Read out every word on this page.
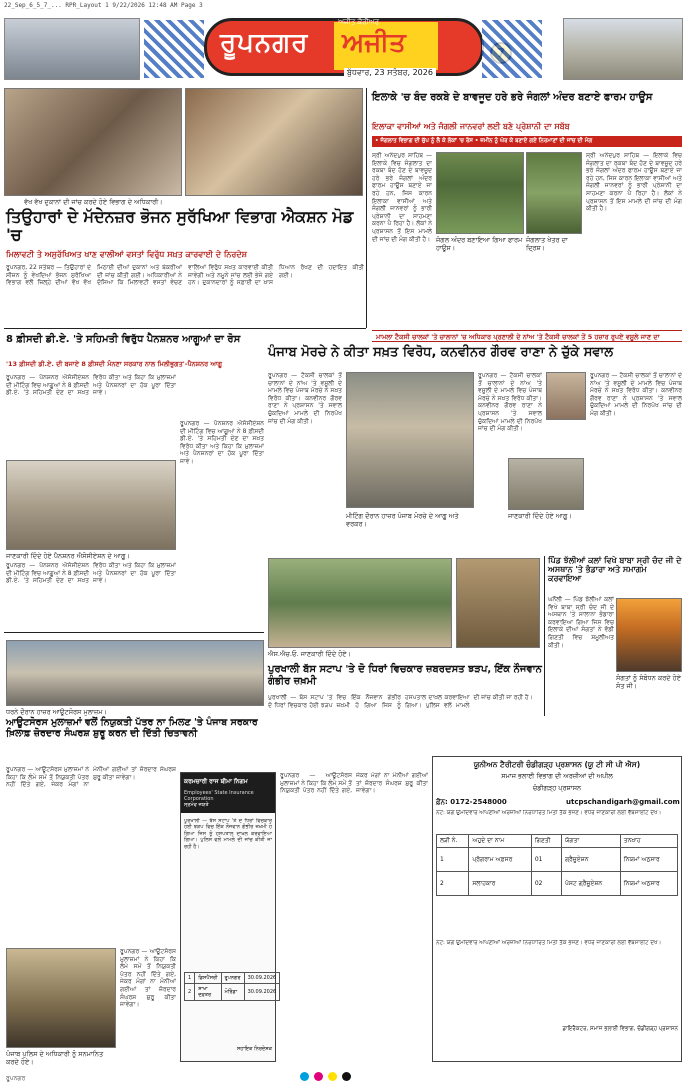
22_Sep_6_5_7_... RPR_Layout 1 9/22/2026 12:48 AM Page 3
ਰੂਪਨਗਰ
ਅਜੀਤ ਕੈਰੀਅਰ
ਅਜੀਤ
ਬੁੱਧਵਾਰ, 23 ਸਤੰਬਰ, 2026
ਵੱਖ ਵੱਖ ਦੁਕਾਨਾਂ ਦੀ ਜਾਂਚ ਕਰਦੇ ਹੋਏ ਵਿਭਾਗ ਦੇ ਅਧਿਕਾਰੀ।
ਤਿਉਹਾਰਾਂ ਦੇ ਮੱਦੇਨਜ਼ਰ ਭੋਜਨ ਸੁਰੱਖਿਆ ਵਿਭਾਗ ਐਕਸ਼ਨ ਮੋਡ 'ਚ
ਮਿਲਾਵਟੀ ਤੇ ਅਸੁਰੱਖਿਅਤ ਖਾਣ ਵਾਲੀਆਂ ਵਸਤਾਂ ਵਿਰੁੱਧ ਸਖ਼ਤ ਕਾਰਵਾਈ ਦੇ ਨਿਰਦੇਸ਼
ਰੂਪਨਗਰ, 22 ਸਤੰਬਰ — ਤਿਉਹਾਰਾਂ ਦੇ ਸੀਜ਼ਨ ਨੂੰ ਵੇਖਦਿਆਂ ਭੋਜਨ ਸੁਰੱਖਿਆ ਵਿਭਾਗ ਵਲੋਂ ਜ਼ਿਲ੍ਹੇ ਦੀਆਂ ਵੱਖ ਵੱਖ ਮਿਠਾਈ ਦੀਆਂ ਦੁਕਾਨਾਂ ਅਤੇ ਬੇਕਰੀਆਂ ਦੀ ਜਾਂਚ ਕੀਤੀ ਗਈ। ਅਧਿਕਾਰੀਆਂ ਨੇ ਦੱਸਿਆ ਕਿ ਮਿਲਾਵਟੀ ਵਸਤਾਂ ਵੇਚਣ ਵਾਲਿਆਂ ਵਿਰੁੱਧ ਸਖ਼ਤ ਕਾਰਵਾਈ ਕੀਤੀ ਜਾਵੇਗੀ ਅਤੇ ਨਮੂਨੇ ਜਾਂਚ ਲਈ ਭੇਜੇ ਗਏ ਹਨ। ਦੁਕਾਨਦਾਰਾਂ ਨੂੰ ਸਫ਼ਾਈ ਦਾ ਖ਼ਾਸ ਧਿਆਨ ਰੱਖਣ ਦੀ ਹਦਾਇਤ ਕੀਤੀ ਗਈ।
ਇਲਾਕੇ 'ਚ ਬੰਦ ਰਕਬੇ ਦੇ ਬਾਵਜੂਦ ਹਰੇ ਭਰੇ ਜੰਗਲਾਂ ਅੰਦਰ ਬਣਾਏ ਫਾਰਮ ਹਾਊਸ
ਇਲਾਕਾ ਵਾਸੀਆਂ ਅਤੇ ਜੰਗਲੀ ਜਾਨਵਰਾਂ ਲਈ ਬਣੇ ਪ੍ਰੇਸ਼ਾਨੀ ਦਾ ਸਬੱਬ
• ਜੰਗਲਾਤ ਵਿਭਾਗ ਦੀ ਚੁੱਪ ਨੂੰ ਲੈ ਕੇ ਲੋਕਾਂ 'ਚ ਰੋਸ • ਜ਼ਮੀਨ ਨੂੰ ਘੇਰ ਕੇ ਬਣਾਏ ਗਏ ਨਿਰਮਾਣਾਂ ਦੀ ਜਾਂਚ ਦੀ ਮੰਗ
ਸ੍ਰੀ ਅਨੰਦਪੁਰ ਸਾਹਿਬ — ਇਲਾਕੇ ਵਿਚ ਜੰਗਲਾਤ ਦਾ ਰਕਬਾ ਬੰਦ ਹੋਣ ਦੇ ਬਾਵਜੂਦ ਹਰੇ ਭਰੇ ਜੰਗਲਾਂ ਅੰਦਰ ਫਾਰਮ ਹਾਊਸ ਬਣਾਏ ਜਾ ਰਹੇ ਹਨ, ਜਿਸ ਕਾਰਨ ਇਲਾਕਾ ਵਾਸੀਆਂ ਅਤੇ ਜੰਗਲੀ ਜਾਨਵਰਾਂ ਨੂੰ ਭਾਰੀ ਪ੍ਰੇਸ਼ਾਨੀ ਦਾ ਸਾਹਮਣਾ ਕਰਨਾ ਪੈ ਰਿਹਾ ਹੈ। ਲੋਕਾਂ ਨੇ ਪ੍ਰਸ਼ਾਸਨ ਤੋਂ ਇਸ ਮਾਮਲੇ ਦੀ ਜਾਂਚ ਦੀ ਮੰਗ ਕੀਤੀ ਹੈ। ਜੰਗਲ ਅੰਦਰ ਬਣਾਇਆ ਗਿਆ ਫਾਰਮ ਹਾਊਸ।
ਜੰਗਲਾਤ ਖੇਤਰ ਦਾ ਦ੍ਰਿਸ਼।
ਸ੍ਰੀ ਅਨੰਦਪੁਰ ਸਾਹਿਬ — ਇਲਾਕੇ ਵਿਚ ਜੰਗਲਾਤ ਦਾ ਰਕਬਾ ਬੰਦ ਹੋਣ ਦੇ ਬਾਵਜੂਦ ਹਰੇ ਭਰੇ ਜੰਗਲਾਂ ਅੰਦਰ ਫਾਰਮ ਹਾਊਸ ਬਣਾਏ ਜਾ ਰਹੇ ਹਨ, ਜਿਸ ਕਾਰਨ ਇਲਾਕਾ ਵਾਸੀਆਂ ਅਤੇ ਜੰਗਲੀ ਜਾਨਵਰਾਂ ਨੂੰ ਭਾਰੀ ਪ੍ਰੇਸ਼ਾਨੀ ਦਾ ਸਾਹਮਣਾ ਕਰਨਾ ਪੈ ਰਿਹਾ ਹੈ। ਲੋਕਾਂ ਨੇ ਪ੍ਰਸ਼ਾਸਨ ਤੋਂ ਇਸ ਮਾਮਲੇ ਦੀ ਜਾਂਚ ਦੀ ਮੰਗ ਕੀਤੀ ਹੈ।
ਮਾਮਲਾ ਟੈਕਸੀ ਚਾਲਕਾਂ 'ਤੇ ਚਾਲਾਨਾਂ 'ਚ ਅਧਿਕਾਰ ਪ੍ਰਣਾਲੀ ਦੇ ਨਾਂਅ 'ਤੇ ਟੈਕਸੀ ਚਾਲਕਾਂ ਤੋਂ 5 ਹਜ਼ਾਰ ਰੁਪਏ ਵਸੂਲੇ ਜਾਣ ਦਾ
8 ਫ਼ੀਸਦੀ ਡੀ.ਏ. 'ਤੇ ਸਹਿਮਤੀ ਵਿਰੁੱਧ ਪੈਨਸ਼ਨਰ ਆਗੂਆਂ ਦਾ ਰੋਸ
'13 ਫ਼ੀਸਦੀ ਡੀ.ਏ. ਦੀ ਬਜਾਏ 8 ਫ਼ੀਸਦੀ ਮੰਨਣਾ ਸਰਕਾਰ ਨਾਲ ਮਿਲੀਭੁਗਤ'-ਪੈਨਸ਼ਨਰ ਆਗੂ
ਰੂਪਨਗਰ — ਪੈਨਸ਼ਨਰ ਐਸੋਸੀਏਸ਼ਨ ਦੀ ਮੀਟਿੰਗ ਵਿਚ ਆਗੂਆਂ ਨੇ 8 ਫ਼ੀਸਦੀ ਡੀ.ਏ. 'ਤੇ ਸਹਿਮਤੀ ਦੇਣ ਦਾ ਸਖ਼ਤ ਵਿਰੋਧ ਕੀਤਾ ਅਤੇ ਕਿਹਾ ਕਿ ਮੁਲਾਜ਼ਮਾਂ ਅਤੇ ਪੈਨਸ਼ਨਰਾਂ ਦਾ ਹੱਕ ਪੂਰਾ ਦਿੱਤਾ ਜਾਵੇ।
ਜਾਣਕਾਰੀ ਦਿੰਦੇ ਹੋਏ ਪੈਨਸ਼ਨਰ ਐਸੋਸੀਏਸ਼ਨ ਦੇ ਆਗੂ।
ਰੂਪਨਗਰ — ਪੈਨਸ਼ਨਰ ਐਸੋਸੀਏਸ਼ਨ ਦੀ ਮੀਟਿੰਗ ਵਿਚ ਆਗੂਆਂ ਨੇ 8 ਫ਼ੀਸਦੀ ਡੀ.ਏ. 'ਤੇ ਸਹਿਮਤੀ ਦੇਣ ਦਾ ਸਖ਼ਤ ਵਿਰੋਧ ਕੀਤਾ ਅਤੇ ਕਿਹਾ ਕਿ ਮੁਲਾਜ਼ਮਾਂ ਅਤੇ ਪੈਨਸ਼ਨਰਾਂ ਦਾ ਹੱਕ ਪੂਰਾ ਦਿੱਤਾ ਜਾਵੇ।
ਰੂਪਨਗਰ — ਪੈਨਸ਼ਨਰ ਐਸੋਸੀਏਸ਼ਨ ਦੀ ਮੀਟਿੰਗ ਵਿਚ ਆਗੂਆਂ ਨੇ 8 ਫ਼ੀਸਦੀ ਡੀ.ਏ. 'ਤੇ ਸਹਿਮਤੀ ਦੇਣ ਦਾ ਸਖ਼ਤ ਵਿਰੋਧ ਕੀਤਾ ਅਤੇ ਕਿਹਾ ਕਿ ਮੁਲਾਜ਼ਮਾਂ ਅਤੇ ਪੈਨਸ਼ਨਰਾਂ ਦਾ ਹੱਕ ਪੂਰਾ ਦਿੱਤਾ ਜਾਵੇ।
ਪੰਜਾਬ ਮੋਰਚੇ ਨੇ ਕੀਤਾ ਸਖ਼ਤ ਵਿਰੋਧ, ਕਨਵੀਨਰ ਗੌਰਵ ਰਾਣਾ ਨੇ ਚੁੱਕੇ ਸਵਾਲ
ਰੂਪਨਗਰ — ਟੈਕਸੀ ਚਾਲਕਾਂ ਤੋਂ ਚਾਲਾਨਾਂ ਦੇ ਨਾਂਅ 'ਤੇ ਵਸੂਲੀ ਦੇ ਮਾਮਲੇ ਵਿਚ ਪੰਜਾਬ ਮੋਰਚੇ ਨੇ ਸਖ਼ਤ ਵਿਰੋਧ ਕੀਤਾ। ਕਨਵੀਨਰ ਗੌਰਵ ਰਾਣਾ ਨੇ ਪ੍ਰਸ਼ਾਸਨ 'ਤੇ ਸਵਾਲ ਚੁੱਕਦਿਆਂ ਮਾਮਲੇ ਦੀ ਨਿਰਪੱਖ ਜਾਂਚ ਦੀ ਮੰਗ ਕੀਤੀ।
ਮੀਟਿੰਗ ਦੌਰਾਨ ਹਾਜ਼ਰ ਪੰਜਾਬ ਮੋਰਚੇ ਦੇ ਆਗੂ ਅਤੇ ਵਰਕਰ।
ਰੂਪਨਗਰ — ਟੈਕਸੀ ਚਾਲਕਾਂ ਤੋਂ ਚਾਲਾਨਾਂ ਦੇ ਨਾਂਅ 'ਤੇ ਵਸੂਲੀ ਦੇ ਮਾਮਲੇ ਵਿਚ ਪੰਜਾਬ ਮੋਰਚੇ ਨੇ ਸਖ਼ਤ ਵਿਰੋਧ ਕੀਤਾ। ਕਨਵੀਨਰ ਗੌਰਵ ਰਾਣਾ ਨੇ ਪ੍ਰਸ਼ਾਸਨ 'ਤੇ ਸਵਾਲ ਚੁੱਕਦਿਆਂ ਮਾਮਲੇ ਦੀ ਨਿਰਪੱਖ ਜਾਂਚ ਦੀ ਮੰਗ ਕੀਤੀ।
ਜਾਣਕਾਰੀ ਦਿੰਦੇ ਹੋਏ ਆਗੂ।
ਰੂਪਨਗਰ — ਟੈਕਸੀ ਚਾਲਕਾਂ ਤੋਂ ਚਾਲਾਨਾਂ ਦੇ ਨਾਂਅ 'ਤੇ ਵਸੂਲੀ ਦੇ ਮਾਮਲੇ ਵਿਚ ਪੰਜਾਬ ਮੋਰਚੇ ਨੇ ਸਖ਼ਤ ਵਿਰੋਧ ਕੀਤਾ। ਕਨਵੀਨਰ ਗੌਰਵ ਰਾਣਾ ਨੇ ਪ੍ਰਸ਼ਾਸਨ 'ਤੇ ਸਵਾਲ ਚੁੱਕਦਿਆਂ ਮਾਮਲੇ ਦੀ ਨਿਰਪੱਖ ਜਾਂਚ ਦੀ ਮੰਗ ਕੀਤੀ।
ਐਸ.ਐਚ.ਓ. ਜਾਣਕਾਰੀ ਦਿੰਦੇ ਹੋਏ।
ਪਿੰਡ ਝੱਲੀਆਂ ਕਲਾਂ ਵਿਖੇ ਬਾਬਾ ਸ੍ਰੀ ਚੰਦ ਜੀ ਦੇ ਅਸਥਾਨ 'ਤੇ ਭੰਡਾਰਾ ਅਤੇ ਸਮਾਗਮ ਕਰਵਾਇਆ
ਘਨੌਲੀ — ਪਿੰਡ ਝੱਲੀਆਂ ਕਲਾਂ ਵਿਖੇ ਬਾਬਾ ਸ੍ਰੀ ਚੰਦ ਜੀ ਦੇ ਅਸਥਾਨ 'ਤੇ ਸਾਲਾਨਾ ਭੰਡਾਰਾ ਕਰਵਾਇਆ ਗਿਆ ਜਿਸ ਵਿਚ ਇਲਾਕੇ ਦੀਆਂ ਸੰਗਤਾਂ ਨੇ ਵੱਡੀ ਗਿਣਤੀ ਵਿਚ ਸ਼ਮੂਲੀਅਤ ਕੀਤੀ।
ਸੰਗਤਾਂ ਨੂੰ ਸੰਬੋਧਨ ਕਰਦੇ ਹੋਏ ਸੰਤ ਜੀ।
ਪੁਰਖਾਲੀ ਬੱਸ ਸਟਾਪ 'ਤੇ ਦੋ ਧਿਰਾਂ ਵਿਚਕਾਰ ਜ਼ਬਰਦਸਤ ਝੜਪ, ਇੱਕ ਨੌਜਵਾਨ ਗੰਭੀਰ ਜ਼ਖ਼ਮੀ
ਪੁਰਖਾਲੀ — ਬੱਸ ਸਟਾਪ 'ਤੇ ਦੋ ਧਿਰਾਂ ਵਿਚਕਾਰ ਹੋਈ ਝੜਪ ਵਿਚ ਇੱਕ ਨੌਜਵਾਨ ਗੰਭੀਰ ਜ਼ਖ਼ਮੀ ਹੋ ਗਿਆ ਜਿਸ ਨੂੰ ਹਸਪਤਾਲ ਦਾਖ਼ਲ ਕਰਵਾਇਆ ਗਿਆ। ਪੁਲਿਸ ਵਲੋਂ ਮਾਮਲੇ ਦੀ ਜਾਂਚ ਕੀਤੀ ਜਾ ਰਹੀ ਹੈ।
ਧਰਨੇ ਦੌਰਾਨ ਹਾਜ਼ਰ ਆਊਟਸੋਰਸ ਮੁਲਾਜ਼ਮ।
ਆਊਟਸੋਰਸ ਮੁਲਾਜ਼ਮਾਂ ਵਲੋਂ ਨਿਯੁਕਤੀ ਪੱਤਰ ਨਾ ਮਿਲਣ 'ਤੇ ਪੰਜਾਬ ਸਰਕਾਰ ਖ਼ਿਲਾਫ਼ ਜ਼ੋਰਦਾਰ ਸੰਘਰਸ਼ ਸ਼ੁਰੂ ਕਰਨ ਦੀ ਦਿੱਤੀ ਚਿਤਾਵਨੀ
ਰੂਪਨਗਰ — ਆਊਟਸੋਰਸ ਮੁਲਾਜ਼ਮਾਂ ਨੇ ਕਿਹਾ ਕਿ ਲੰਮੇ ਸਮੇਂ ਤੋਂ ਨਿਯੁਕਤੀ ਪੱਤਰ ਨਹੀਂ ਦਿੱਤੇ ਗਏ, ਜੇਕਰ ਮੰਗਾਂ ਨਾ ਮੰਨੀਆਂ ਗਈਆਂ ਤਾਂ ਜ਼ੋਰਦਾਰ ਸੰਘਰਸ਼ ਸ਼ੁਰੂ ਕੀਤਾ ਜਾਵੇਗਾ।
ਪੰਜਾਬ ਪੁਲਿਸ ਦੇ ਅਧਿਕਾਰੀ ਨੂੰ ਸਨਮਾਨਿਤ ਕਰਦੇ ਹੋਏ।
ਰੂਪਨਗਰ — ਆਊਟਸੋਰਸ ਮੁਲਾਜ਼ਮਾਂ ਨੇ ਕਿਹਾ ਕਿ ਲੰਮੇ ਸਮੇਂ ਤੋਂ ਨਿਯੁਕਤੀ ਪੱਤਰ ਨਹੀਂ ਦਿੱਤੇ ਗਏ, ਜੇਕਰ ਮੰਗਾਂ ਨਾ ਮੰਨੀਆਂ ਗਈਆਂ ਤਾਂ ਜ਼ੋਰਦਾਰ ਸੰਘਰਸ਼ ਸ਼ੁਰੂ ਕੀਤਾ ਜਾਵੇਗਾ।
ਕਰਮਚਾਰੀ ਰਾਜ ਬੀਮਾ ਨਿਗਮ
Employees' State Insurance Corporation
ਸ੍ਰਮੇਵ ਜਯਤੇ
ਪੁਰਖਾਲੀ — ਬੱਸ ਸਟਾਪ 'ਤੇ ਦੋ ਧਿਰਾਂ ਵਿਚਕਾਰ ਹੋਈ ਝੜਪ ਵਿਚ ਇੱਕ ਨੌਜਵਾਨ ਗੰਭੀਰ ਜ਼ਖ਼ਮੀ ਹੋ ਗਿਆ ਜਿਸ ਨੂੰ ਹਸਪਤਾਲ ਦਾਖ਼ਲ ਕਰਵਾਇਆ ਗਿਆ। ਪੁਲਿਸ ਵਲੋਂ ਮਾਮਲੇ ਦੀ ਜਾਂਚ ਕੀਤੀ ਜਾ ਰਹੀ ਹੈ।
1	ਡਿਸਪੈਂਸਰੀ	ਰੂਪਨਗਰ	30.09.2026
2	ਸ਼ਾਖਾ ਦਫ਼ਤਰ	ਮੋਰਿੰਡਾ	30.09.2026
ਸਹਾਇਕ ਨਿਰਦੇਸ਼ਕ
ਯੂਨੀਅਨ ਟੈਰੀਟਰੀ ਚੰਡੀਗੜ੍ਹ ਪ੍ਰਸ਼ਾਸਨ (ਯੂ ਟੀ ਸੀ ਪੀ ਐਸ)
ਸਮਾਜ ਭਲਾਈ ਵਿਭਾਗ ਦੀ ਅਰਜ਼ੀਆਂ ਦੀ ਅਪੀਲ
ਚੰਡੀਗੜ੍ਹ ਪ੍ਰਸ਼ਾਸਨ
ਫ਼ੋਨ: 0172-2548000	utcpschandigarh@gmail.com
ਨੋਟ: ਯੋਗ ਉਮੀਦਵਾਰ ਆਪਣੀਆਂ ਅਰਜ਼ੀਆਂ ਨਿਰਧਾਰਿਤ ਮਿਤੀ ਤੱਕ ਭੇਜਣ। ਵਧੇਰੇ ਜਾਣਕਾਰੀ ਲਈ ਵੈੱਬਸਾਈਟ ਦੇਖੋ।
ਲੜੀ ਨੰ.	ਅਹੁਦੇ ਦਾ ਨਾਮ	ਗਿਣਤੀ	ਯੋਗਤਾ	ਤਨਖ਼ਾਹ
1	ਪ੍ਰੋਗਰਾਮ ਅਫ਼ਸਰ	01	ਗ੍ਰੈਜੂਏਸ਼ਨ	ਨਿਯਮਾਂ ਅਨੁਸਾਰ
2	ਸਲਾਹਕਾਰ	02	ਪੋਸਟ ਗ੍ਰੈਜੂਏਸ਼ਨ	ਨਿਯਮਾਂ ਅਨੁਸਾਰ
ਨੋਟ: ਯੋਗ ਉਮੀਦਵਾਰ ਆਪਣੀਆਂ ਅਰਜ਼ੀਆਂ ਨਿਰਧਾਰਿਤ ਮਿਤੀ ਤੱਕ ਭੇਜਣ। ਵਧੇਰੇ ਜਾਣਕਾਰੀ ਲਈ ਵੈੱਬਸਾਈਟ ਦੇਖੋ।
ਡਾਇਰੈਕਟਰ, ਸਮਾਜ ਭਲਾਈ ਵਿਭਾਗ, ਚੰਡੀਗੜ੍ਹ ਪ੍ਰਸ਼ਾਸਨ
ਰੂਪਨਗਰ — ਆਊਟਸੋਰਸ ਮੁਲਾਜ਼ਮਾਂ ਨੇ ਕਿਹਾ ਕਿ ਲੰਮੇ ਸਮੇਂ ਤੋਂ ਨਿਯੁਕਤੀ ਪੱਤਰ ਨਹੀਂ ਦਿੱਤੇ ਗਏ, ਜੇਕਰ ਮੰਗਾਂ ਨਾ ਮੰਨੀਆਂ ਗਈਆਂ ਤਾਂ ਜ਼ੋਰਦਾਰ ਸੰਘਰਸ਼ ਸ਼ੁਰੂ ਕੀਤਾ ਜਾਵੇਗਾ।
ਰੂਪਨਗਰ
